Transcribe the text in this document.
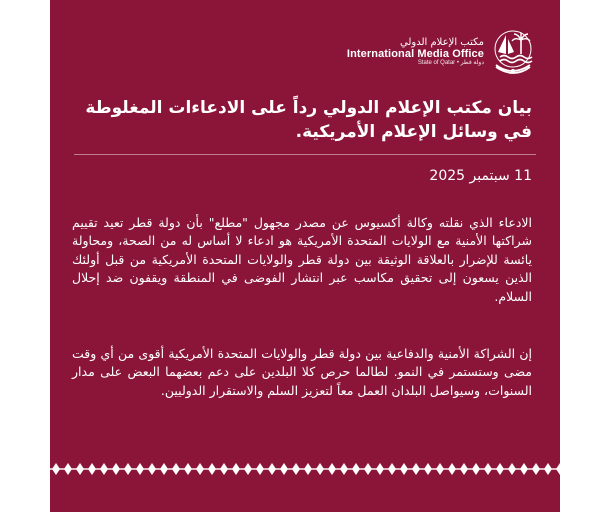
مكتب الإعلام الدولي
International Media Office
State of Qatar • دولة قطر
بيان مكتب الإعلام الدولي رداً على الادعاءات المغلوطة في وسائل الإعلام الأمريكية.
11 سبتمبر 2025

الادعاء الذي نقلته وكالة أكسيوس عن مصدر مجهول "مطلع" بأن دولة قطر تعيد تقييم شراكتها الأمنية مع الولايات المتحدة الأمريكية هو ادعاء لا أساس له من الصحة، ومحاولة يائسة للإضرار بالعلاقة الوثيقة بين دولة قطر والولايات المتحدة الأمريكية من قبل أولئك الذين يسعون إلى تحقيق مكاسب عبر انتشار الفوضى في المنطقة ويقفون ضد إحلال السلام.

إن الشراكة الأمنية والدفاعية بين دولة قطر والولايات المتحدة الأمريكية أقوى من أي وقت مضى وستستمر في النمو. لطالما حرص كلا البلدين على دعم بعضهما البعض على مدار السنوات، وسيواصل البلدان العمل معاً لتعزيز السلم والاستقرار الدوليين.
